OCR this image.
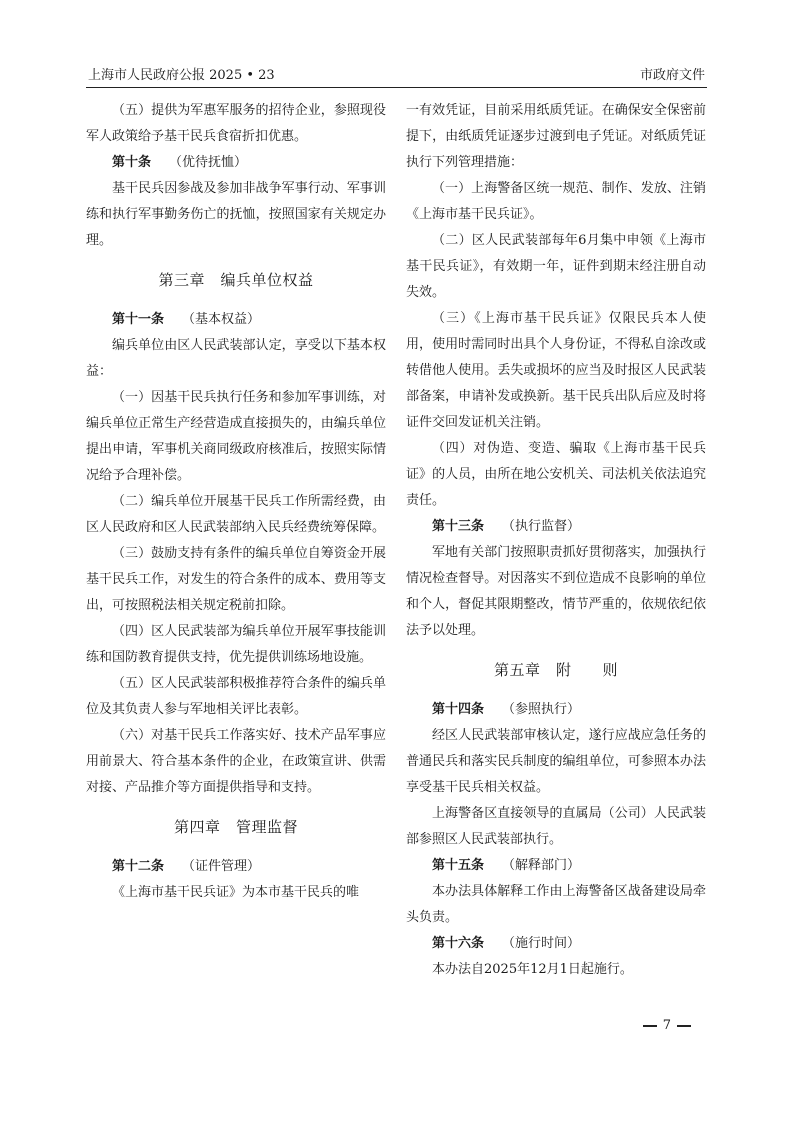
上海市人民政府公报 2025 • 23	市政府文件

（五）提供为军惠军服务的招待企业，参照现役军人政策给予基干民兵食宿折扣优惠。

第十条 （优待抚恤）

基干民兵因参战及参加非战争军事行动、军事训练和执行军事勤务伤亡的抚恤，按照国家有关规定办理。

第三章　编兵单位权益

第十一条 （基本权益）

编兵单位由区人民武装部认定，享受以下基本权益：

（一）因基干民兵执行任务和参加军事训练，对编兵单位正常生产经营造成直接损失的，由编兵单位提出申请，军事机关商同级政府核准后，按照实际情况给予合理补偿。

（二）编兵单位开展基干民兵工作所需经费，由区人民政府和区人民武装部纳入民兵经费统筹保障。

（三）鼓励支持有条件的编兵单位自筹资金开展基干民兵工作，对发生的符合条件的成本、费用等支出，可按照税法相关规定税前扣除。

（四）区人民武装部为编兵单位开展军事技能训练和国防教育提供支持，优先提供训练场地设施。

（五）区人民武装部积极推荐符合条件的编兵单位及其负责人参与军地相关评比表彰。

（六）对基干民兵工作落实好、技术产品军事应用前景大、符合基本条件的企业，在政策宣讲、供需对接、产品推介等方面提供指导和支持。

第四章　管理监督

第十二条 （证件管理）

《上海市基干民兵证》为本市基干民兵的唯

一有效凭证，目前采用纸质凭证。在确保安全保密前提下，由纸质凭证逐步过渡到电子凭证。对纸质凭证执行下列管理措施：

（一）上海警备区统一规范、制作、发放、注销《上海市基干民兵证》。

（二）区人民武装部每年6月集中申领《上海市基干民兵证》，有效期一年，证件到期末经注册自动失效。

（三）《上海市基干民兵证》仅限民兵本人使用，使用时需同时出具个人身份证，不得私自涂改或转借他人使用。丢失或损坏的应当及时报区人民武装部备案，申请补发或换新。基干民兵出队后应及时将证件交回发证机关注销。

（四）对伪造、变造、骗取《上海市基干民兵证》的人员，由所在地公安机关、司法机关依法追究责任。

第十三条 （执行监督）

军地有关部门按照职责抓好贯彻落实，加强执行情况检查督导。对因落实不到位造成不良影响的单位和个人，督促其限期整改，情节严重的，依规依纪依法予以处理。

第五章　附　　则

第十四条 （参照执行）

经区人民武装部审核认定，遂行应战应急任务的普通民兵和落实民兵制度的编组单位，可参照本办法享受基干民兵相关权益。

上海警备区直接领导的直属局（公司）人民武装部参照区人民武装部执行。

第十五条 （解释部门）

本办法具体解释工作由上海警备区战备建设局牵头负责。

第十六条 （施行时间）

本办法自2025年12月1日起施行。

7
